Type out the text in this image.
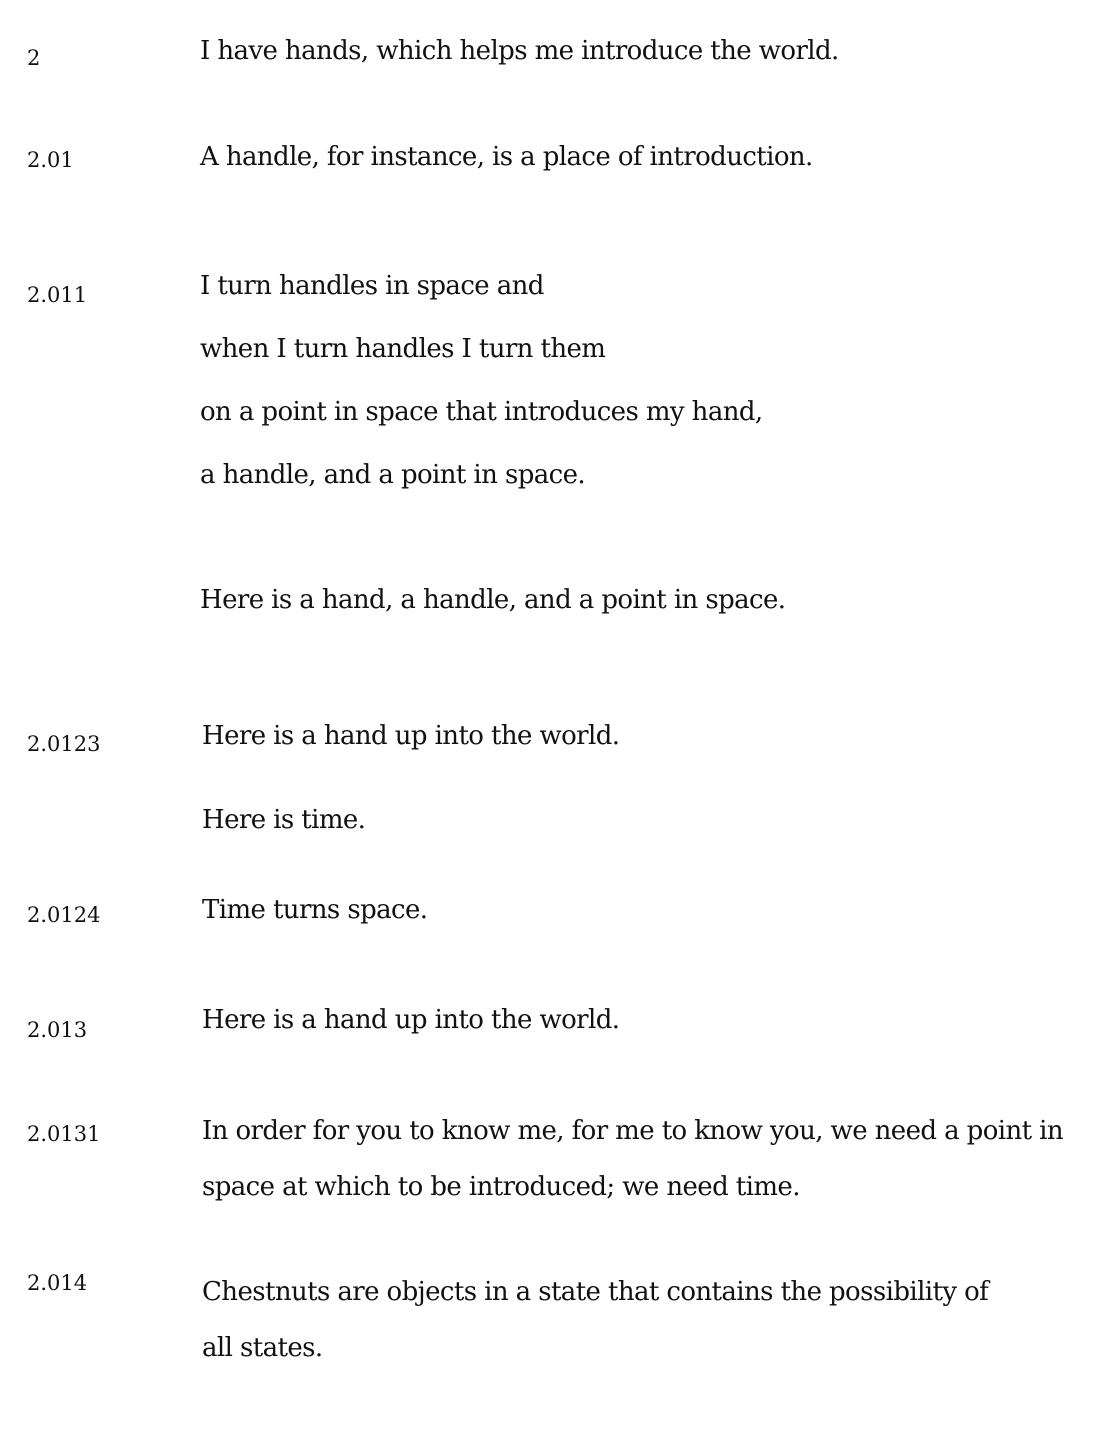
2	I have hands, which helps me introduce the world.
2.01	A handle, for instance, is a place of introduction.
2.011	I turn handles in space and
when I turn handles I turn them
on a point in space that introduces my hand,
a handle, and a point in space.
Here is a hand, a handle, and a point in space.
2.0123	Here is a hand up into the world.
Here is time.
2.0124	Time turns space.
2.013	Here is a hand up into the world.
2.0131	In order for you to know me, for me to know you, we need a point in
space at which to be introduced; we need time.
2.014	Chestnuts are objects in a state that contains the possibility of
all states.
